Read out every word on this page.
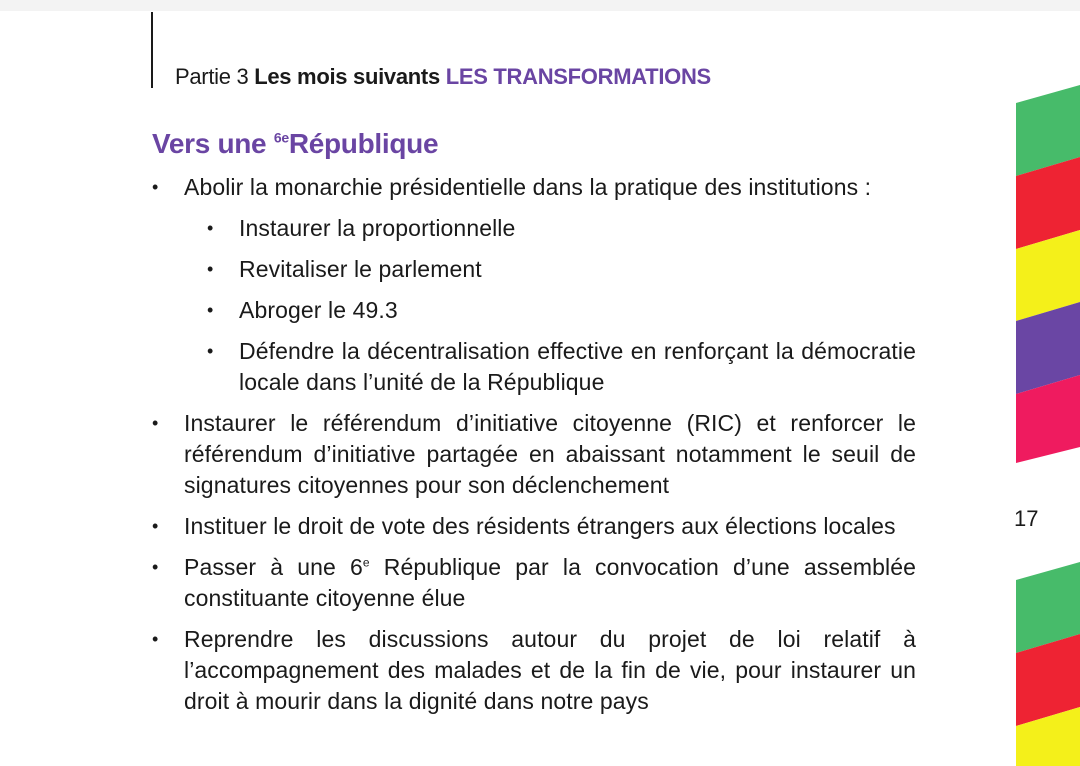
Partie 3 Les mois suivants LES TRANSFORMATIONS
Vers une $^{6e}$République
• Abolir la monarchie présidentielle dans la pratique des institutions :
• Instaurer la proportionnelle
• Revitaliser le parlement
• Abroger le 49.3
• Défendre la décentralisation effective en renforçant la démocratie locale dans l’unité de la République
• Instaurer le référendum d’initiative citoyenne (RIC) et renforcer le référendum d’initiative partagée en abaissant notamment le seuil de signatures citoyennes pour son déclenchement
• Instituer le droit de vote des résidents étrangers aux élections locales
• Passer à une 6e République par la convocation d’une assemblée constituante citoyenne élue
• Reprendre les discussions autour du projet de loi relatif à l’accompagnement des malades et de la fin de vie, pour instaurer un droit à mourir dans la dignité dans notre pays
17
